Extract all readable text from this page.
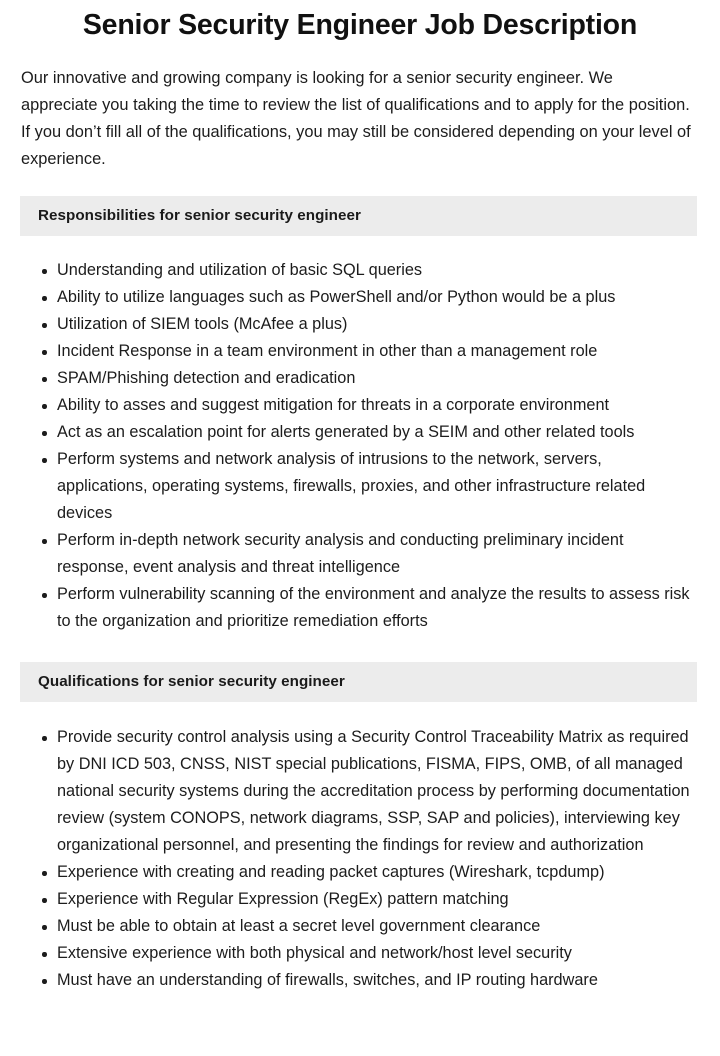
Senior Security Engineer Job Description

Our innovative and growing company is looking for a senior security engineer. We appreciate you taking the time to review the list of qualifications and to apply for the position. If you don’t fill all of the qualifications, you may still be considered depending on your level of experience.

Responsibilities for senior security engineer
Understanding and utilization of basic SQL queries
Ability to utilize languages such as PowerShell and/or Python would be a plus
Utilization of SIEM tools (McAfee a plus)
Incident Response in a team environment in other than a management role
SPAM/Phishing detection and eradication
Ability to asses and suggest mitigation for threats in a corporate environment
Act as an escalation point for alerts generated by a SEIM and other related tools
Perform systems and network analysis of intrusions to the network, servers, applications, operating systems, firewalls, proxies, and other infrastructure related devices
Perform in-depth network security analysis and conducting preliminary incident response, event analysis and threat intelligence
Perform vulnerability scanning of the environment and analyze the results to assess risk to the organization and prioritize remediation efforts
Qualifications for senior security engineer
Provide security control analysis using a Security Control Traceability Matrix as required by DNI ICD 503, CNSS, NIST special publications, FISMA, FIPS, OMB, of all managed national security systems during the accreditation process by performing documentation review (system CONOPS, network diagrams, SSP, SAP and policies), interviewing key organizational personnel, and presenting the findings for review and authorization
Experience with creating and reading packet captures (Wireshark, tcpdump)
Experience with Regular Expression (RegEx) pattern matching
Must be able to obtain at least a secret level government clearance
Extensive experience with both physical and network/host level security
Must have an understanding of firewalls, switches, and IP routing hardware
